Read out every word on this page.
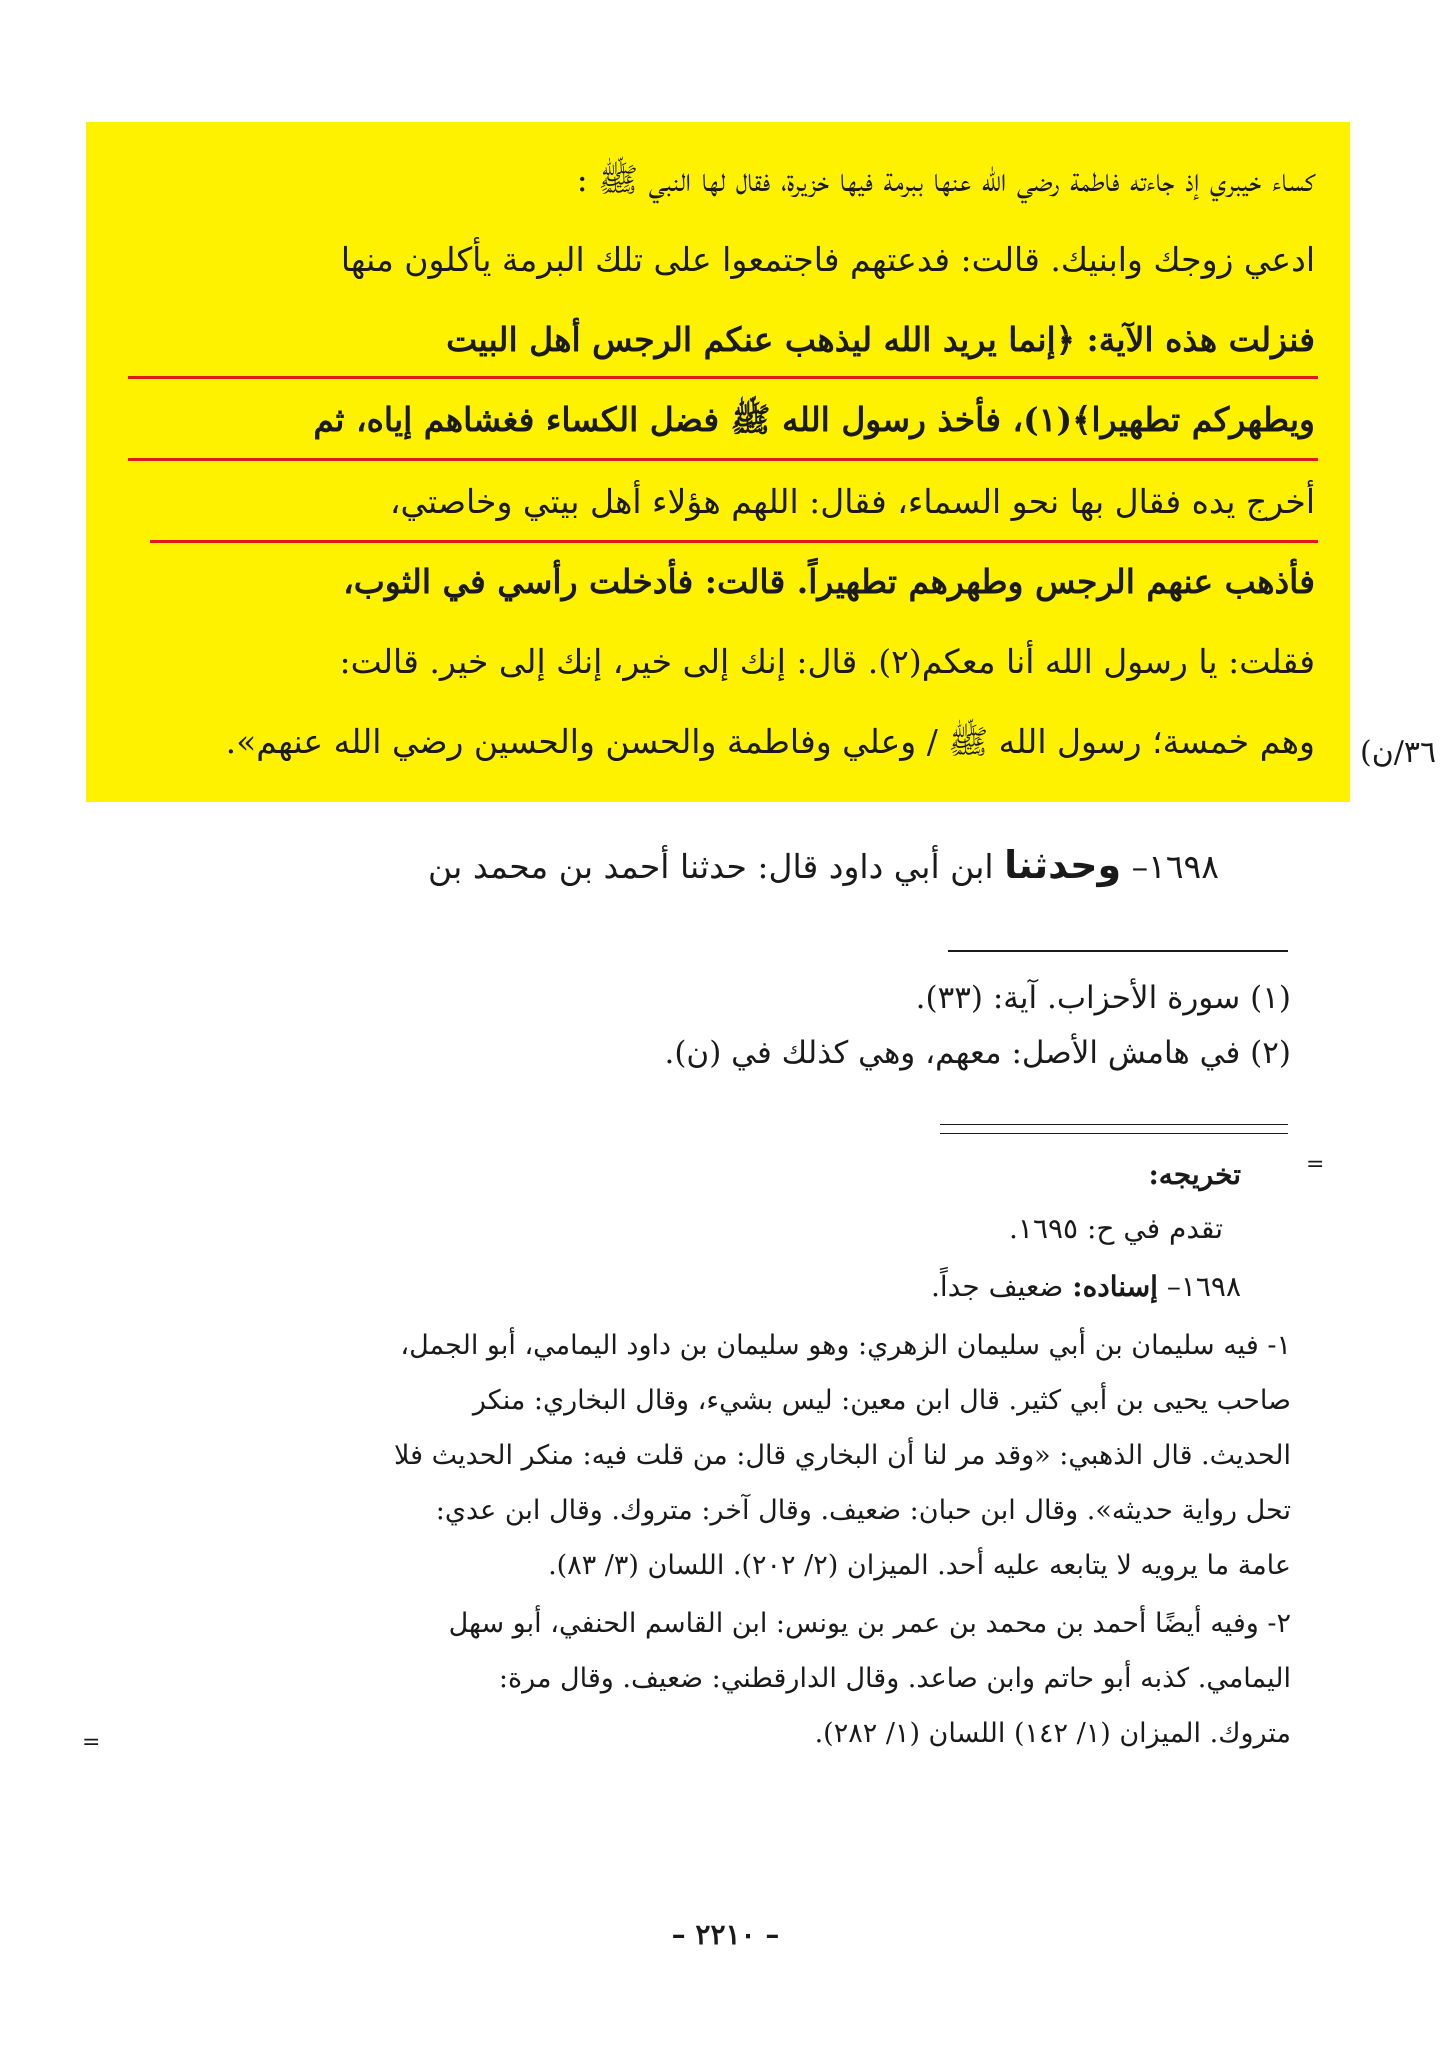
كساء خيبري إذ جاءته فاطمة رضي الله عنها ببرمة فيها خزيرة، فقال لها النبي ﷺ :
ادعي زوجك وابنيك. قالت: فدعتهم فاجتمعوا على تلك البرمة يأكلون منها
فنزلت هذه الآية: ﴿إنما يريد الله ليذهب عنكم الرجس أهل البيت
ويطهركم تطهيرا﴾(١)، فأخذ رسول الله ﷺ فضل الكساء فغشاهم إياه، ثم
أخرج يده فقال بها نحو السماء، فقال: اللهم هؤلاء أهل بيتي وخاصتي،
فأذهب عنهم الرجس وطهرهم تطهيراً. قالت: فأدخلت رأسي في الثوب،
فقلت: يا رسول الله أنا معكم(٢). قال: إنك إلى خير، إنك إلى خير. قالت:
وهم خمسة؛ رسول الله ﷺ / وعلي وفاطمة والحسن والحسين رضي الله عنهم». ٣٦/ن)
١٦٩٨– وحدثنا ابن أبي داود قال: حدثنا أحمد بن محمد بن
(١) سورة الأحزاب. آية: (٣٣).
(٢) في هامش الأصل: معهم، وهي كذلك في (ن).
=
تخريجه:
تقدم في ح: ١٦٩٥.
١٦٩٨– إسناده: ضعيف جداً.
١- فيه سليمان بن أبي سليمان الزهري: وهو سليمان بن داود اليمامي، أبو الجمل،
صاحب يحيى بن أبي كثير. قال ابن معين: ليس بشيء، وقال البخاري: منكر
الحديث. قال الذهبي: «وقد مر لنا أن البخاري قال: من قلت فيه: منكر الحديث فلا
تحل رواية حديثه». وقال ابن حبان: ضعيف. وقال آخر: متروك. وقال ابن عدي:
عامة ما يرويه لا يتابعه عليه أحد. الميزان (٢/ ٢٠٢). اللسان (٣/ ٨٣).
٢- وفيه أيضًا أحمد بن محمد بن عمر بن يونس: ابن القاسم الحنفي، أبو سهل
اليمامي. كذبه أبو حاتم وابن صاعد. وقال الدارقطني: ضعيف. وقال مرة:
متروك. الميزان (١/ ١٤٢) اللسان (١/ ٢٨٢).
=
– ٢٢١٠ –
